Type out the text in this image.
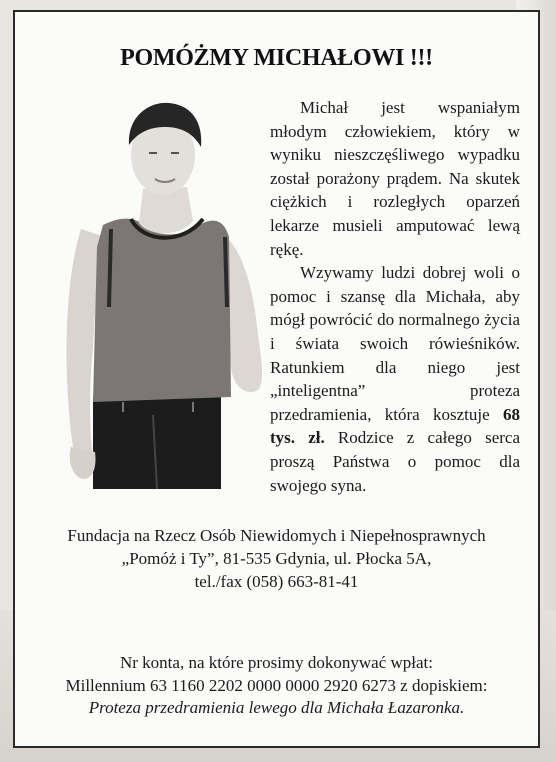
POMÓŻMY MICHAŁOWI !!!

Michał jest wspaniałym młodym człowiekiem, który w wyniku nieszczęśliwego wypadku został porażony prądem. Na skutek ciężkich i rozległych oparzeń lekarze musieli amputować lewą rękę.

Wzywamy ludzi dobrej woli o pomoc i szansę dla Michała, aby mógł powrócić do normalnego życia i świata swoich rówieśników. Ratunkiem dla niego jest „inteligentna” proteza przedramienia, która kosztuje 68 tys. zł. Rodzice z całego serca proszą Państwa o pomoc dla swojego syna.

Fundacja na Rzecz Osób Niewidomych i Niepełnosprawnych
„Pomóż i Ty”, 81-535 Gdynia, ul. Płocka 5A,
tel./fax (058) 663-81-41
Nr konta, na które prosimy dokonywać wpłat:
Millennium 63 1160 2202 0000 0000 2920 6273 z dopiskiem:
Proteza przedramienia lewego dla Michała Łazaronka.
